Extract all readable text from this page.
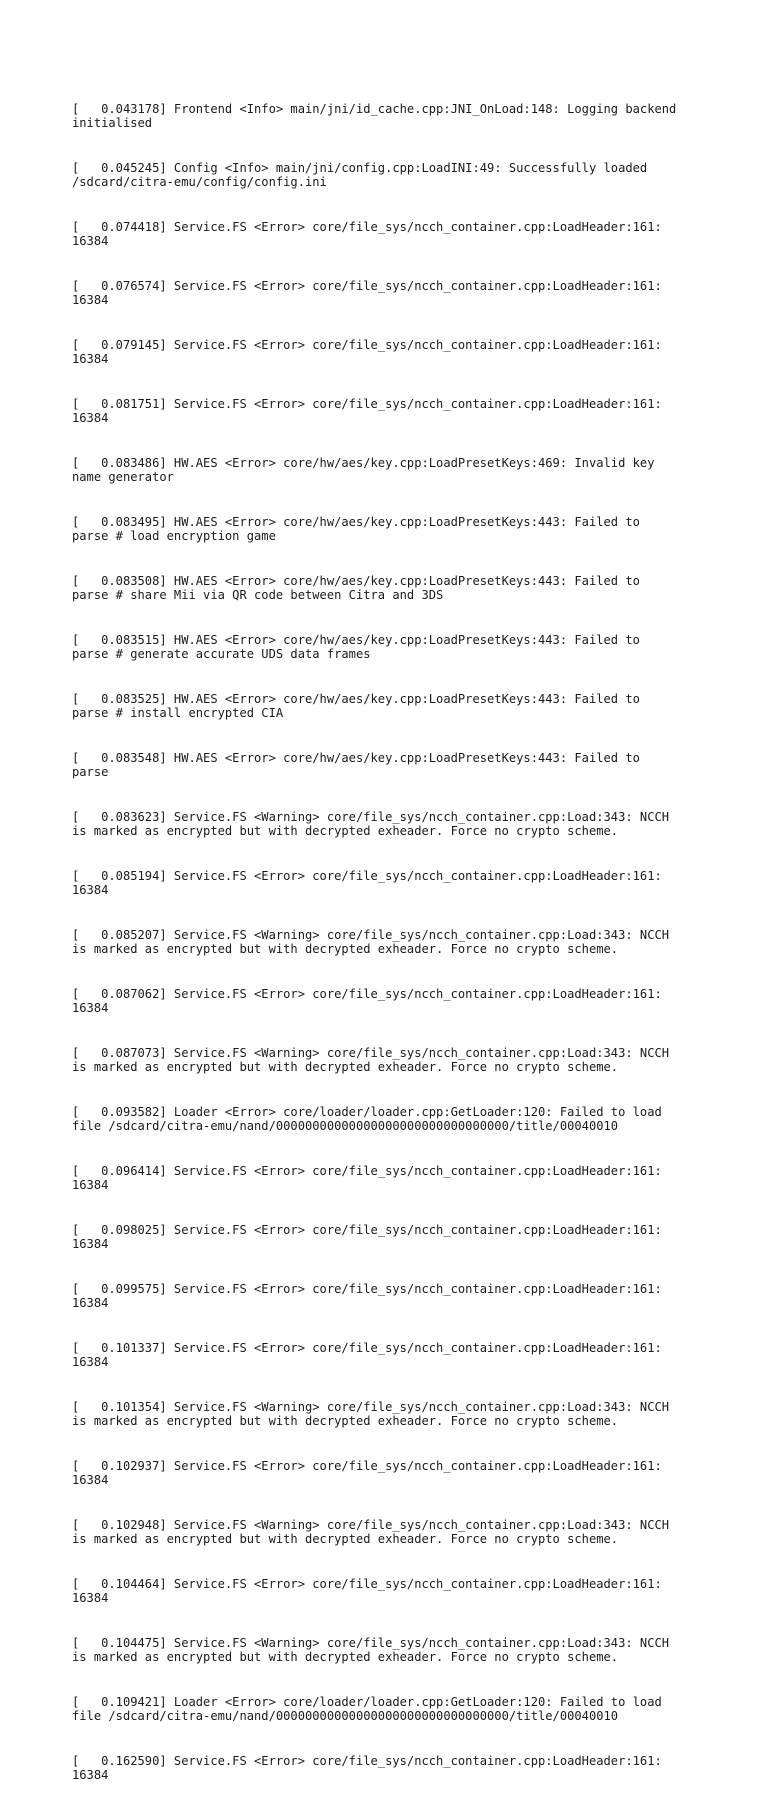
[   0.043178] Frontend <Info> main/jni/id_cache.cpp:JNI_OnLoad:148: Logging backend
initialised

[   0.045245] Config <Info> main/jni/config.cpp:LoadINI:49: Successfully loaded
/sdcard/citra-emu/config/config.ini

[   0.074418] Service.FS <Error> core/file_sys/ncch_container.cpp:LoadHeader:161:
16384

[   0.076574] Service.FS <Error> core/file_sys/ncch_container.cpp:LoadHeader:161:
16384

[   0.079145] Service.FS <Error> core/file_sys/ncch_container.cpp:LoadHeader:161:
16384

[   0.081751] Service.FS <Error> core/file_sys/ncch_container.cpp:LoadHeader:161:
16384

[   0.083486] HW.AES <Error> core/hw/aes/key.cpp:LoadPresetKeys:469: Invalid key
name generator

[   0.083495] HW.AES <Error> core/hw/aes/key.cpp:LoadPresetKeys:443: Failed to
parse # load encryption game

[   0.083508] HW.AES <Error> core/hw/aes/key.cpp:LoadPresetKeys:443: Failed to
parse # share Mii via QR code between Citra and 3DS

[   0.083515] HW.AES <Error> core/hw/aes/key.cpp:LoadPresetKeys:443: Failed to
parse # generate accurate UDS data frames

[   0.083525] HW.AES <Error> core/hw/aes/key.cpp:LoadPresetKeys:443: Failed to
parse # install encrypted CIA

[   0.083548] HW.AES <Error> core/hw/aes/key.cpp:LoadPresetKeys:443: Failed to
parse

[   0.083623] Service.FS <Warning> core/file_sys/ncch_container.cpp:Load:343: NCCH
is marked as encrypted but with decrypted exheader. Force no crypto scheme.

[   0.085194] Service.FS <Error> core/file_sys/ncch_container.cpp:LoadHeader:161:
16384

[   0.085207] Service.FS <Warning> core/file_sys/ncch_container.cpp:Load:343: NCCH
is marked as encrypted but with decrypted exheader. Force no crypto scheme.

[   0.087062] Service.FS <Error> core/file_sys/ncch_container.cpp:LoadHeader:161:
16384

[   0.087073] Service.FS <Warning> core/file_sys/ncch_container.cpp:Load:343: NCCH
is marked as encrypted but with decrypted exheader. Force no crypto scheme.

[   0.093582] Loader <Error> core/loader/loader.cpp:GetLoader:120: Failed to load
file /sdcard/citra-emu/nand/00000000000000000000000000000000/title/00040010

[   0.096414] Service.FS <Error> core/file_sys/ncch_container.cpp:LoadHeader:161:
16384

[   0.098025] Service.FS <Error> core/file_sys/ncch_container.cpp:LoadHeader:161:
16384

[   0.099575] Service.FS <Error> core/file_sys/ncch_container.cpp:LoadHeader:161:
16384

[   0.101337] Service.FS <Error> core/file_sys/ncch_container.cpp:LoadHeader:161:
16384

[   0.101354] Service.FS <Warning> core/file_sys/ncch_container.cpp:Load:343: NCCH
is marked as encrypted but with decrypted exheader. Force no crypto scheme.

[   0.102937] Service.FS <Error> core/file_sys/ncch_container.cpp:LoadHeader:161:
16384

[   0.102948] Service.FS <Warning> core/file_sys/ncch_container.cpp:Load:343: NCCH
is marked as encrypted but with decrypted exheader. Force no crypto scheme.

[   0.104464] Service.FS <Error> core/file_sys/ncch_container.cpp:LoadHeader:161:
16384

[   0.104475] Service.FS <Warning> core/file_sys/ncch_container.cpp:Load:343: NCCH
is marked as encrypted but with decrypted exheader. Force no crypto scheme.

[   0.109421] Loader <Error> core/loader/loader.cpp:GetLoader:120: Failed to load
file /sdcard/citra-emu/nand/00000000000000000000000000000000/title/00040010

[   0.162590] Service.FS <Error> core/file_sys/ncch_container.cpp:LoadHeader:161:
16384
